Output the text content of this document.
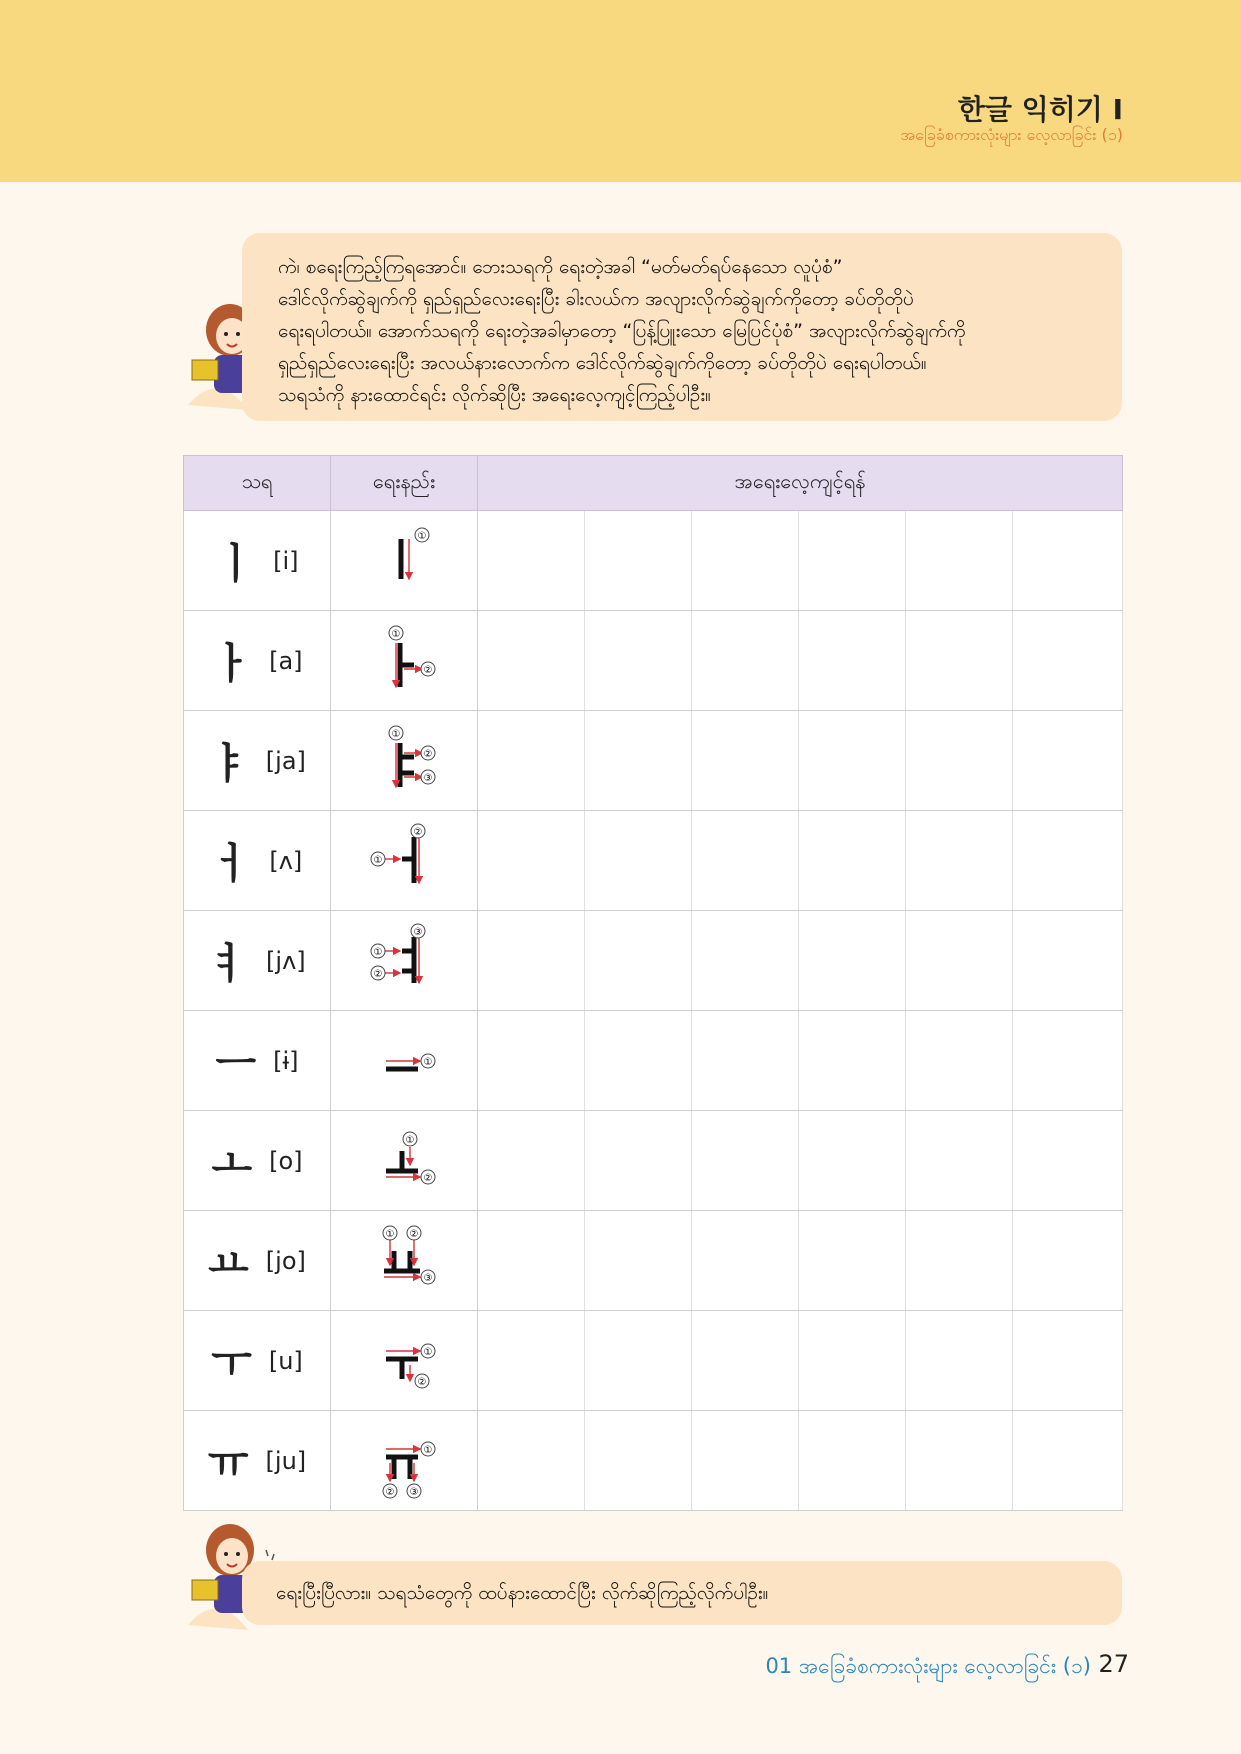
한글 익히기 I
အခြေခံစကားလုံးများ လေ့လာခြင်း (၁)
ကဲ၊ စရေးကြည့်ကြရအောင်။ ဘေးသရကို ရေးတဲ့အခါ “မတ်မတ်ရပ်နေသော လူပုံစံ”
ဒေါင်လိုက်ဆွဲချက်ကို ရှည်ရှည်လေးရေးပြီး ခါးလယ်က အလျားလိုက်ဆွဲချက်ကိုတော့ ခပ်တိုတိုပဲ
ရေးရပါတယ်။ အောက်သရကို ရေးတဲ့အခါမှာတော့ “ပြန့်ပြူးသော မြေပြင်ပုံစံ” အလျားလိုက်ဆွဲချက်ကို
ရှည်ရှည်လေးရေးပြီး အလယ်နားလောက်က ဒေါင်လိုက်ဆွဲချက်ကိုတော့ ခပ်တိုတိုပဲ ရေးရပါတယ်။
သရသံကို နားထောင်ရင်း လိုက်ဆိုပြီး အရေးလေ့ကျင့်ကြည့်ပါဦး။
သရ	ရေးနည်း	အရေးလေ့ကျင့်ရန်					
ㅣ [i]	①						

ㅏ [a]	①
②						

ㅑ [ja]	①
②
③						

ㅓ [ʌ]	①
②						

ㅕ [jʌ]	①
②
③						

ㅡ [ɨ]	①						

ㅗ [o]	①
②						

ㅛ [jo]	① ②
③						

ㅜ [u]	①
②						

ㅠ [ju]	①
② ③						

ရေးပြီးပြီလား။ သရသံတွေကို ထပ်နားထောင်ပြီး လိုက်ဆိုကြည့်လိုက်ပါဦး။
01 အခြေခံစကားလုံးများ လေ့လာခြင်း (၁) 27
